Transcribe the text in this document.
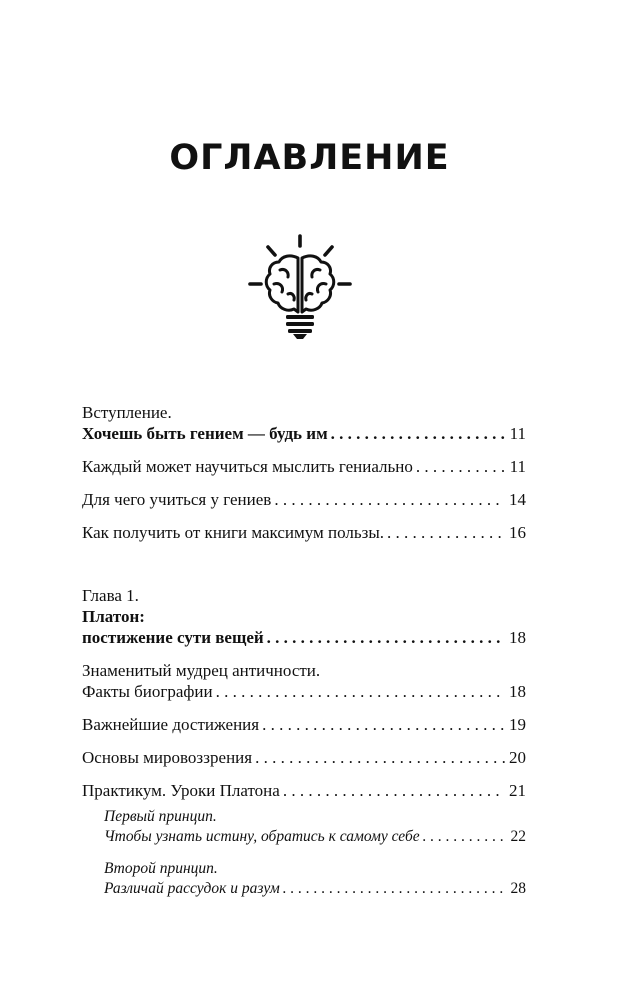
ОГЛАВЛЕНИЕ
Вступление.
Хочешь быть гением — будь им . . .	11
Каждый может научиться мыслить гениально . . .	11
Для чего учиться у гениев . . .	14
Как получить от книги максимум пользы. . . .	16
Глава 1.
Платон:
постижение сути вещей . . .	18
Знаменитый мудрец античности.
Факты биографии . . .	18
Важнейшие достижения . . .	19
Основы мировоззрения . . .	20
Практикум. Уроки Платона . . .	21
Первый принцип.
Чтобы узнать истину, обратись к самому себе . . .	22
Второй принцип.
Различай рассудок и разум . . .	28
